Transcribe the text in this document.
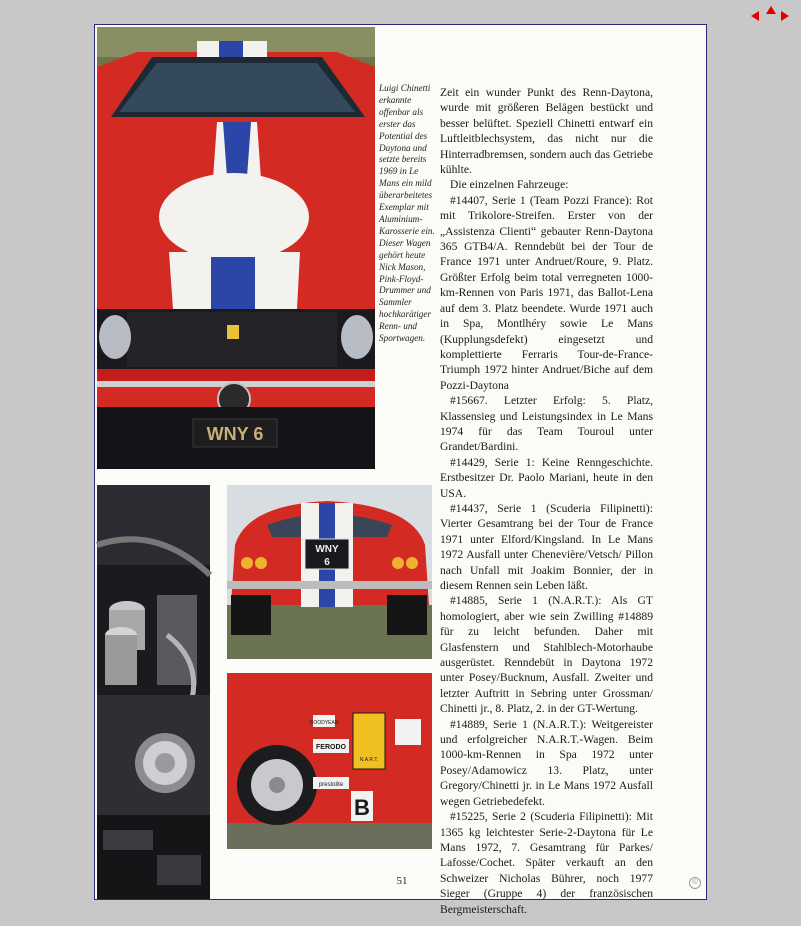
WNY 6
WNY
6
GOODYEAR
FERODO
N.A.R.T.
prestolite
B

Luigi Chinetti erkannte offenbar als erster das Potential des Daytona und setzte bereits 1969 in Le Mans ein mild überarbeitetes Exemplar mit Aluminium-Karosserie ein. Dieser Wagen gehört heute Nick Mason, Pink-Floyd-Drummer und Sammler hochkarätiger Renn- und Sportwagen.

Zeit ein wunder Punkt des Renn-Daytona, wurde mit größeren Belägen bestückt und besser belüftet. Speziell Chinetti entwarf ein Luftleitblechsystem, das nicht nur die Hinterradbremsen, sondern auch das Getriebe kühlte.

Die einzelnen Fahrzeuge:

#14407, Serie 1 (Team Pozzi France): Rot mit Trikolore-Streifen. Erster von der „Assistenza Clienti“ gebauter Renn-Daytona 365 GTB4/A. Renndebüt bei der Tour de France 1971 unter Andruet/Roure, 9. Platz. Größter Erfolg beim total verregneten 1000-km-Rennen von Paris 1971, das Ballot-Lena auf dem 3. Platz beendete. Wurde 1971 auch in Spa, Montlhéry sowie Le Mans (Kupplungsdefekt) eingesetzt und komplettierte Ferraris Tour-de-France-Triumph 1972 hinter Andruet/Biche auf dem Pozzi-Daytona

#15667. Letzter Erfolg: 5. Platz, Klassensieg und Leistungsindex in Le Mans 1974 für das Team Touroul unter Grandet/Bardini.

#14429, Serie 1: Keine Renngeschichte. Erstbesitzer Dr. Paolo Mariani, heute in den USA.

#14437, Serie 1 (Scuderia Filipinetti): Vierter Gesamtrang bei der Tour de France 1971 unter Elford/Kingsland. In Le Mans 1972 Ausfall unter Chenevière/Vetsch/ Pillon nach Unfall mit Joakim Bonnier, der in diesem Rennen sein Leben läßt.

#14885, Serie 1 (N.A.R.T.): Als GT homologiert, aber wie sein Zwilling #14889 für zu leicht befunden. Daher mit Glasfenstern und Stahlblech-Motorhaube ausgerüstet. Renndebüt in Daytona 1972 unter Posey/Bucknum, Ausfall. Zweiter und letzter Auftritt in Sebring unter Grossman/ Chinetti jr., 8. Platz, 2. in der GT-Wertung.

#14889, Serie 1 (N.A.R.T.): Weitgereister und erfolgreicher N.A.R.T.-Wagen. Beim 1000-km-Rennen in Spa 1972 unter Posey/Adamowicz 13. Platz, unter Gregory/Chinetti jr. in Le Mans 1972 Ausfall wegen Getriebedefekt.

#15225, Serie 2 (Scuderia Filipinetti): Mit 1365 kg leichtester Serie-2-Daytona für Le Mans 1972, 7. Gesamtrang für Parkes/ Lafosse/Cochet. Später verkauft an den Schweizer Nicholas Bührer, noch 1977 Sieger (Gruppe 4) der französischen Bergmeisterschaft.

51	©
